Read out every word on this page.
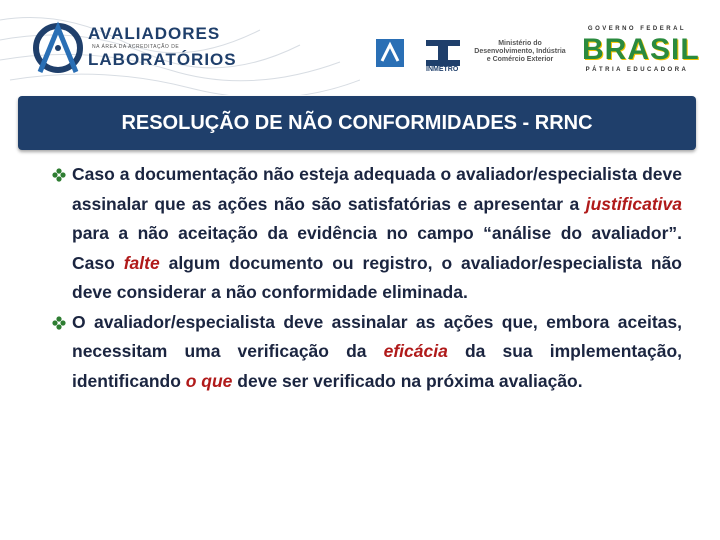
AVALIADORES
NA ÁREA DA ACREDITAÇÃO DE
LABORATÓRIOS
INMETRO
Ministério do
Desenvolvimento, Indústria
e Comércio Exterior
GOVERNO FEDERAL
BRASIL
PÁTRIA EDUCADORA
RESOLUÇÃO DE NÃO CONFORMIDADES - RRNC
Caso a documentação não esteja adequada o avaliador/especialista deve assinalar que as ações não são satisfatórias e apresentar a justificativa para a não aceitação da evidência no campo “análise do avaliador”. Caso falte algum documento ou registro, o avaliador/especialista não deve considerar a não conformidade eliminada.
O avaliador/especialista deve assinalar as ações que, embora aceitas, necessitam uma verificação da eficácia da sua implementação, identificando o que deve ser verificado na próxima avaliação.
